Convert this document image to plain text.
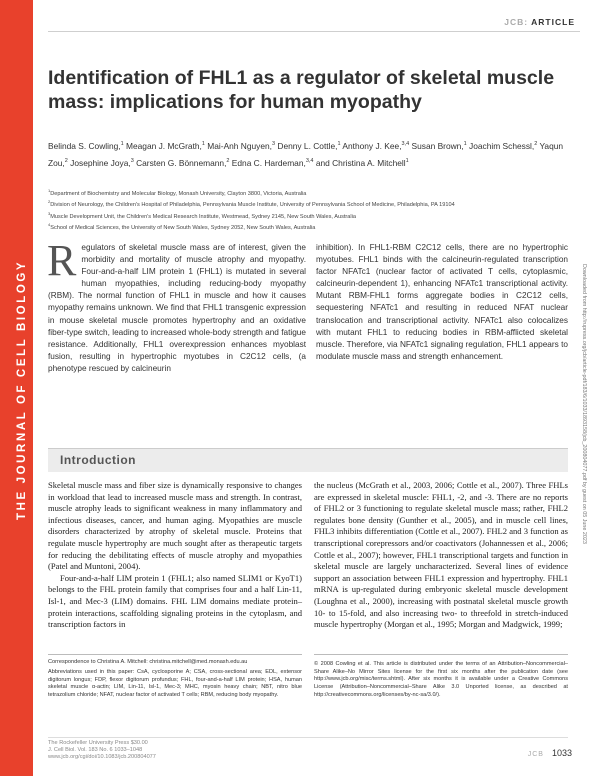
THE JOURNAL OF CELL BIOLOGY
JCB: ARTICLE
Identification of FHL1 as a regulator of skeletal muscle mass: implications for human myopathy
Belinda S. Cowling,$^1$ Meagan J. McGrath,$^1$ Mai-Anh Nguyen,$^3$ Denny L. Cottle,$^1$ Anthony J. Kee,$^{3,4}$ Susan Brown,$^1$ Joachim Schessl,$^2$ Yaqun Zou,$^2$ Josephine Joya,$^3$ Carsten G. Bönnemann,$^2$ Edna C. Hardeman,$^{3,4}$ and Christina A. Mitchell$^1$
$^1$Department of Biochemistry and Molecular Biology, Monash University, Clayton 3800, Victoria, Australia
$^2$Division of Neurology, the Children's Hospital of Philadelphia, Pennsylvania Muscle Institute, University of Pennsylvania School of Medicine, Philadelphia, PA 19104
$^3$Muscle Development Unit, the Children's Medical Research Institute, Westmead, Sydney 2145, New South Wales, Australia
$^4$School of Medical Sciences, the University of New South Wales, Sydney 2052, New South Wales, Australia
Regulators of skeletal muscle mass are of interest, given the morbidity and mortality of muscle atrophy and myopathy. Four-and-a-half LIM protein 1 (FHL1) is mutated in several human myopathies, including reducing-body myopathy (RBM). The normal function of FHL1 in muscle and how it causes myopathy remains unknown. We find that FHL1 transgenic expression in mouse skeletal muscle promotes hypertrophy and an oxidative fiber-type switch, leading to increased whole-body strength and fatigue resistance. Additionally, FHL1 overexpression enhances myoblast fusion, resulting in hypertrophic myotubes in C2C12 cells, (a phenotype rescued by calcineurin
inhibition). In FHL1-RBM C2C12 cells, there are no hypertrophic myotubes. FHL1 binds with the calcineurin-regulated transcription factor NFATc1 (nuclear factor of activated T cells, cytoplasmic, calcineurin-dependent 1), enhancing NFATc1 transcriptional activity. Mutant RBM-FHL1 forms aggregate bodies in C2C12 cells, sequestering NFATc1 and resulting in reduced NFAT nuclear translocation and transcriptional activity. NFATc1 also colocalizes with mutant FHL1 to reducing bodies in RBM-afflicted skeletal muscle. Therefore, via NFATc1 signaling regulation, FHL1 appears to modulate muscle mass and strength enhancement.	Downloaded from http://rupress.org/jcb/article-pdf/183/6/1033/1893158/jcb_200804077.pdf by guest on 05 June 2023
Introduction

Skeletal muscle mass and fiber size is dynamically responsive to changes in workload that lead to increased muscle mass and strength. In contrast, muscle atrophy leads to significant weakness in many inflammatory and infectious diseases, cancer, and human aging. Myopathies are muscle disorders characterized by atrophy of skeletal muscle. Proteins that regulate muscle hypertrophy are much sought after as therapeutic targets for reducing the debilitating effects of muscle atrophy and myopathies (Patel and Muntoni, 2004).

Four-and-a-half LIM protein 1 (FHL1; also named SLIM1 or KyoT1) belongs to the FHL protein family that comprises four and a half Lin-11, Isl-1, and Mec-3 (LIM) domains. FHL LIM domains mediate protein–protein interactions, scaffolding signaling proteins in the cytoplasm, and transcription factors in

the nucleus (McGrath et al., 2003, 2006; Cottle et al., 2007). Three FHLs are expressed in skeletal muscle: FHL1, -2, and -3. There are no reports of FHL2 or 3 functioning to regulate skeletal muscle mass; rather, FHL2 regulates bone density (Gunther et al., 2005), and in muscle cell lines, FHL3 inhibits differentiation (Cottle et al., 2007). FHL2 and 3 function as transcriptional corepressors and/or coactivators (Johannessen et al., 2006; Cottle et al., 2007); however, FHL1 transcriptional targets and function in skeletal muscle are largely uncharacterized. Several lines of evidence support an association between FHL1 expression and hypertrophy. FHL1 mRNA is up-regulated during embryonic skeletal muscle development (Loughna et al., 2000), increasing with postnatal skeletal muscle growth 10- to 15-fold, and also increasing two- to threefold in stretch-induced muscle hypertrophy (Morgan et al., 1995; Morgan and Madgwick, 1999;

Correspondence to Christina A. Mitchell: christina.mitchell@med.monash.edu.au
Abbreviations used in this paper: CsA, cyclosporine A; CSA, cross-sectional area; EDL, extensor digitorum longus; FDP, flexor digitorum profundus; FHL, four-and-a-half LIM protein; HSA, human skeletal muscle α-actin; LIM, Lin-11, Isl-1, Mec-3; MHC, myosin heavy chain; NBT, nitro blue tetrazolium chloride; NFAT, nuclear factor of activated T cells; RBM, reducing body myopathy.
© 2008 Cowling et al. This article is distributed under the terms of an Attribution–Noncommercial–Share Alike–No Mirror Sites license for the first six months after the publication date (see http://www.jcb.org/misc/terms.shtml). After six months it is available under a Creative Commons License (Attribution–Noncommercial–Share Alike 3.0 Unported license, as described at http://creativecommons.org/licenses/by-nc-sa/3.0/).
The Rockefeller University Press $30.00
J. Cell Biol. Vol. 183 No. 6 1033–1048
www.jcb.org/cgi/doi/10.1083/jcb.200804077	JCB 1033
